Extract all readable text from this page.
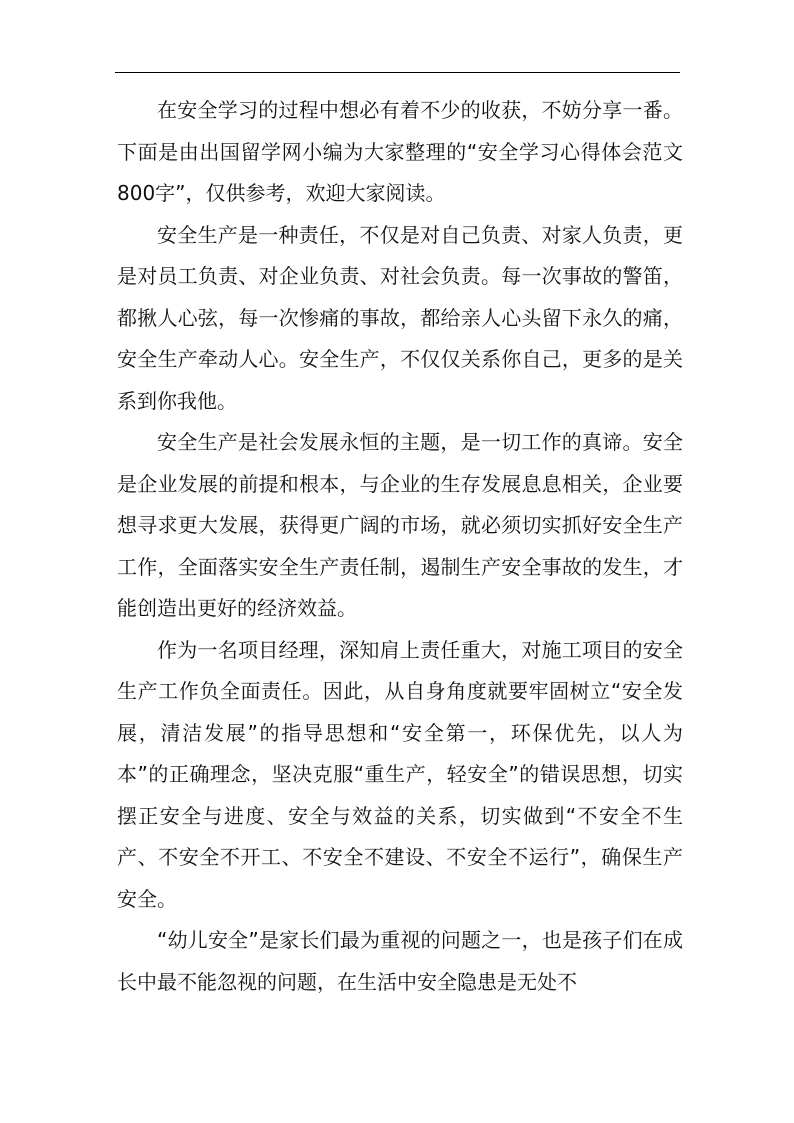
在安全学习的过程中想必有着不少的收获，不妨分享一番。下面是由出国留学网小编为大家整理的“安全学习心得体会范文800字”，仅供参考，欢迎大家阅读。

安全生产是一种责任，不仅是对自己负责、对家人负责，更是对员工负责、对企业负责、对社会负责。每一次事故的警笛，都揪人心弦，每一次惨痛的事故，都给亲人心头留下永久的痛，安全生产牵动人心。安全生产，不仅仅关系你自己，更多的是关系到你我他。

安全生产是社会发展永恒的主题，是一切工作的真谛。安全是企业发展的前提和根本，与企业的生存发展息息相关，企业要想寻求更大发展，获得更广阔的市场，就必须切实抓好安全生产工作，全面落实安全生产责任制，遏制生产安全事故的发生，才能创造出更好的经济效益。

作为一名项目经理，深知肩上责任重大，对施工项目的安全生产工作负全面责任。因此，从自身角度就要牢固树立“安全发展，清洁发展”的指导思想和“安全第一，环保优先，以人为本”的正确理念，坚决克服“重生产，轻安全”的错误思想，切实摆正安全与进度、安全与效益的关系，切实做到“不安全不生产、不安全不开工、不安全不建设、不安全不运行”，确保生产安全。

“幼儿安全”是家长们最为重视的问题之一，也是孩子们在成长中最不能忽视的问题，在生活中安全隐患是无处不
